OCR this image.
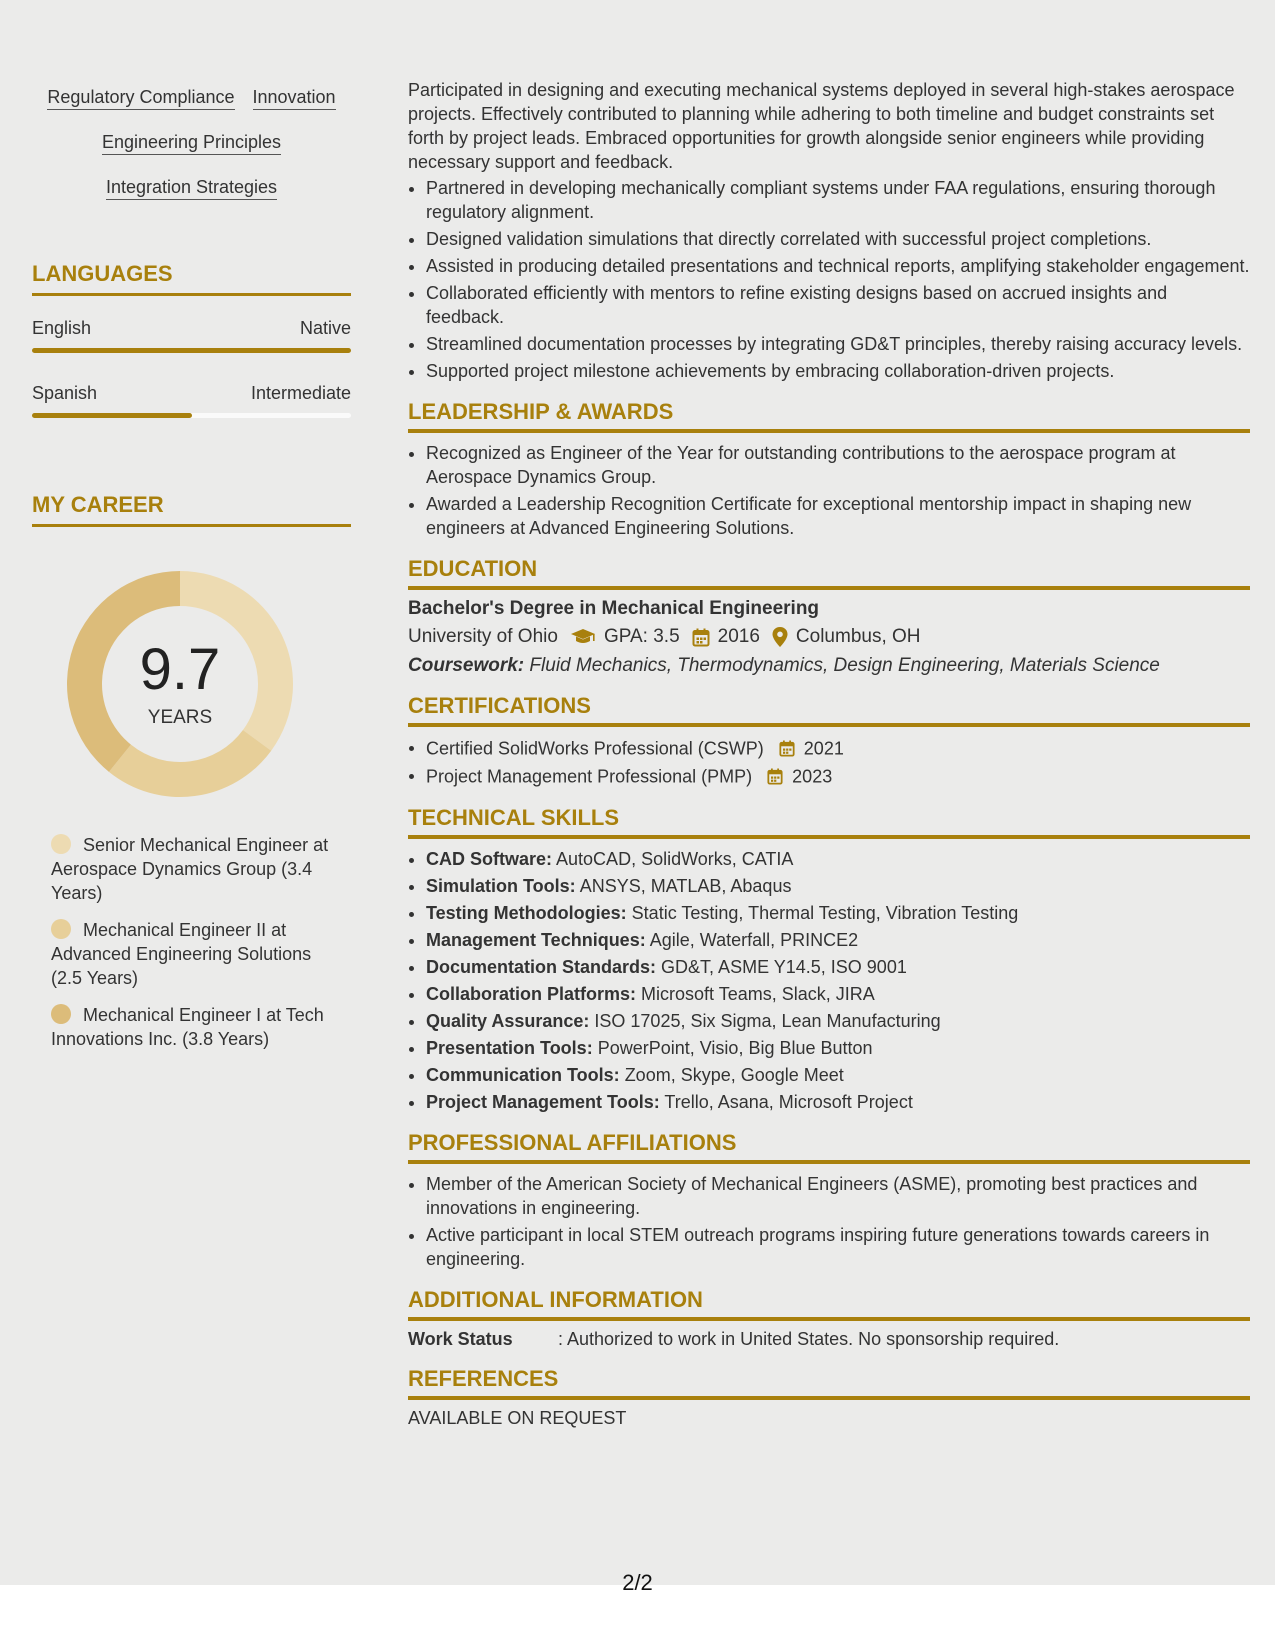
Regulatory Compliance Innovation
Engineering Principles
Integration Strategies
LANGUAGES
English	Native
Spanish	Intermediate
MY CAREER
9.7
YEARS
Senior Mechanical Engineer at Aerospace Dynamics Group (3.4 Years)
Mechanical Engineer II at Advanced Engineering Solutions (2.5 Years)
Mechanical Engineer I at Tech Innovations Inc. (3.8 Years)
Participated in designing and executing mechanical systems deployed in several high-stakes aerospace projects. Effectively contributed to planning while adhering to both timeline and budget constraints set forth by project leads. Embraced opportunities for growth alongside senior engineers while providing necessary support and feedback.
• Partnered in developing mechanically compliant systems under FAA regulations, ensuring thorough regulatory alignment.
• Designed validation simulations that directly correlated with successful project completions.
• Assisted in producing detailed presentations and technical reports, amplifying stakeholder engagement.
• Collaborated efficiently with mentors to refine existing designs based on accrued insights and feedback.
• Streamlined documentation processes by integrating GD&T principles, thereby raising accuracy levels.
• Supported project milestone achievements by embracing collaboration-driven projects.
LEADERSHIP & AWARDS
• Recognized as Engineer of the Year for outstanding contributions to the aerospace program at Aerospace Dynamics Group.
• Awarded a Leadership Recognition Certificate for exceptional mentorship impact in shaping new engineers at Advanced Engineering Solutions.
EDUCATION
Bachelor's Degree in Mechanical Engineering
University of Ohio GPA: 3.5 2016 Columbus, OH
Coursework: Fluid Mechanics, Thermodynamics, Design Engineering, Materials Science
CERTIFICATIONS
• Certified SolidWorks Professional (CSWP) 2021
• Project Management Professional (PMP) 2023
TECHNICAL SKILLS
• CAD Software: AutoCAD, SolidWorks, CATIA
• Simulation Tools: ANSYS, MATLAB, Abaqus
• Testing Methodologies: Static Testing, Thermal Testing, Vibration Testing
• Management Techniques: Agile, Waterfall, PRINCE2
• Documentation Standards: GD&T, ASME Y14.5, ISO 9001
• Collaboration Platforms: Microsoft Teams, Slack, JIRA
• Quality Assurance: ISO 17025, Six Sigma, Lean Manufacturing
• Presentation Tools: PowerPoint, Visio, Big Blue Button
• Communication Tools: Zoom, Skype, Google Meet
• Project Management Tools: Trello, Asana, Microsoft Project
PROFESSIONAL AFFILIATIONS
• Member of the American Society of Mechanical Engineers (ASME), promoting best practices and innovations in engineering.
• Active participant in local STEM outreach programs inspiring future generations towards careers in engineering.
ADDITIONAL INFORMATION
Work Status	: Authorized to work in United States. No sponsorship required.
REFERENCES
AVAILABLE ON REQUEST
2/2
